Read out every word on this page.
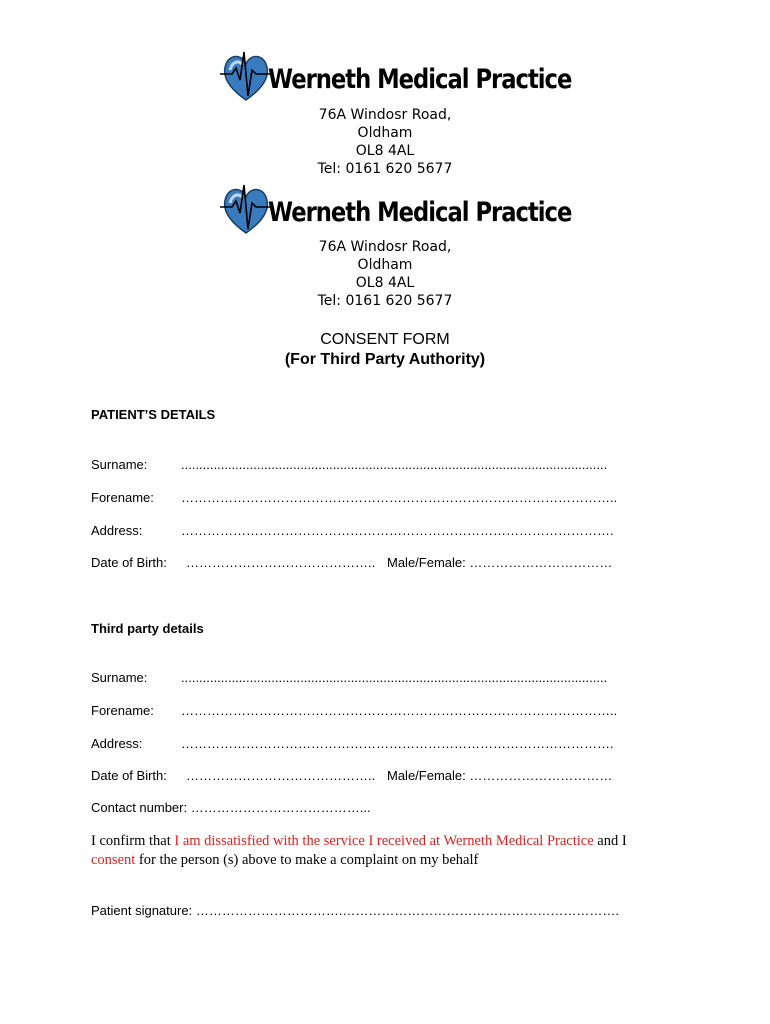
Werneth Medical Practice
76A Windosr Road,
Oldham
OL8 4AL
Tel: 0161 620 5677
Werneth Medical Practice
76A Windosr Road,
Oldham
OL8 4AL
Tel: 0161 620 5677
CONSENT FORM
(For Third Party Authority)
PATIENT’S DETAILS
Surname:	......................................................................................................................
Forename: ………………………………………………………………………………………..
Address:	……………………………………………………………………………………….
Date of Birth: …………………………………….. Male/Female: ……………………………
Third party details
Surname:	......................................................................................................................
Forename: ………………………………………………………………………………………..
Address:	……………………………………………………………………………………….
Date of Birth: …………………………………….. Male/Female: ……………………………
Contact number: …………………………………...
I confirm that I am dissatisfied with the service I received at Werneth Medical Practice and I consent for the person (s) above to make a complaint on my behalf
Patient signature: …………………………….……………………………………………………….
